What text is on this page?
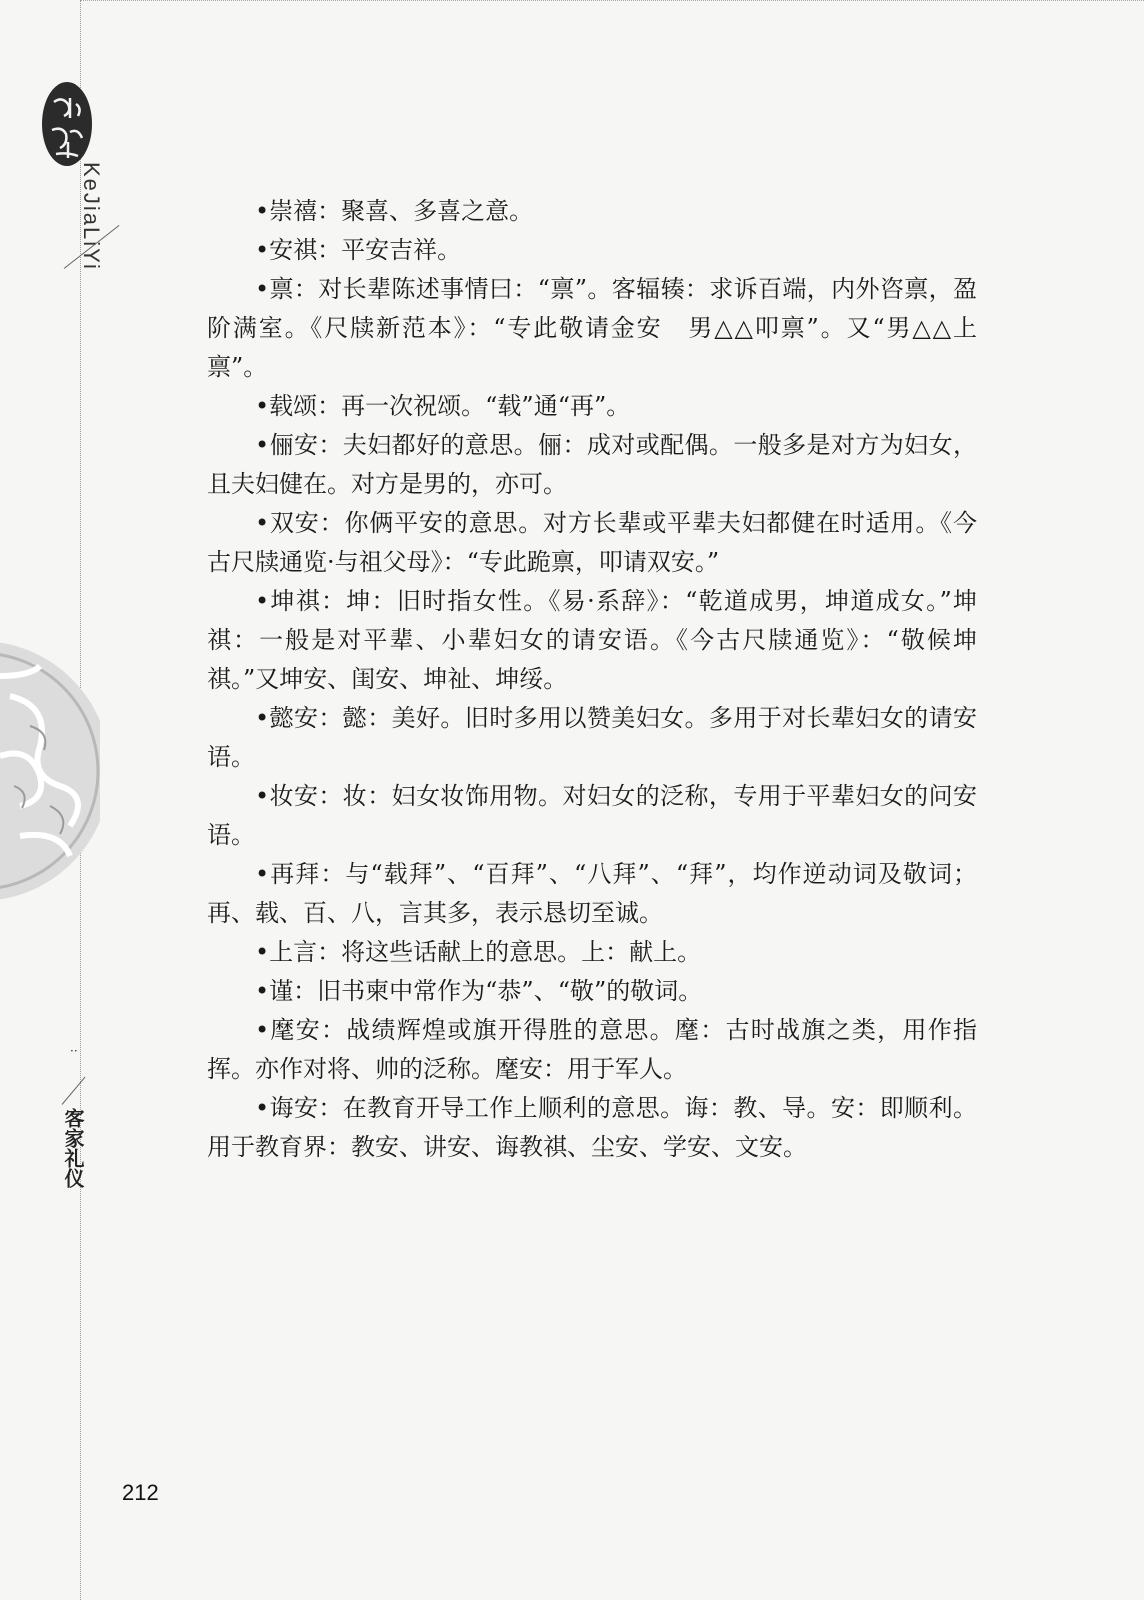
KeJiaLiYi
··
客家礼仪

•崇禧：聚喜、多喜之意。

•安祺：平安吉祥。

•禀：对长辈陈述事情曰：“禀”。客辐辏：求诉百端，内外咨禀，盈阶满室。《尺牍新范本》：“专此敬请金安　男△△叩禀”。又“男△△上禀”。

•载颂：再一次祝颂。“载”通“再”。

•俪安：夫妇都好的意思。俪：成对或配偶。一般多是对方为妇女，且夫妇健在。对方是男的，亦可。

•双安：你俩平安的意思。对方长辈或平辈夫妇都健在时适用。《今古尺牍通览·与祖父母》：“专此跪禀，叩请双安。”

•坤祺：坤：旧时指女性。《易·系辞》：“乾道成男，坤道成女。”坤祺：一般是对平辈、小辈妇女的请安语。《今古尺牍通览》：“敬候坤祺。”又坤安、闺安、坤祉、坤绥。

•懿安：懿：美好。旧时多用以赞美妇女。多用于对长辈妇女的请安语。

•妆安：妆：妇女妆饰用物。对妇女的泛称，专用于平辈妇女的问安语。

•再拜：与“载拜”、“百拜”、“八拜”、“拜”，均作逆动词及敬词；再、载、百、八，言其多，表示恳切至诚。

•上言：将这些话献上的意思。上：献上。

•谨：旧书柬中常作为“恭”、“敬”的敬词。

•麾安：战绩辉煌或旗开得胜的意思。麾：古时战旗之类，用作指挥。亦作对将、帅的泛称。麾安：用于军人。

•诲安：在教育开导工作上顺利的意思。诲：教、导。安：即顺利。用于教育界：教安、讲安、诲教祺、尘安、学安、文安。

212
